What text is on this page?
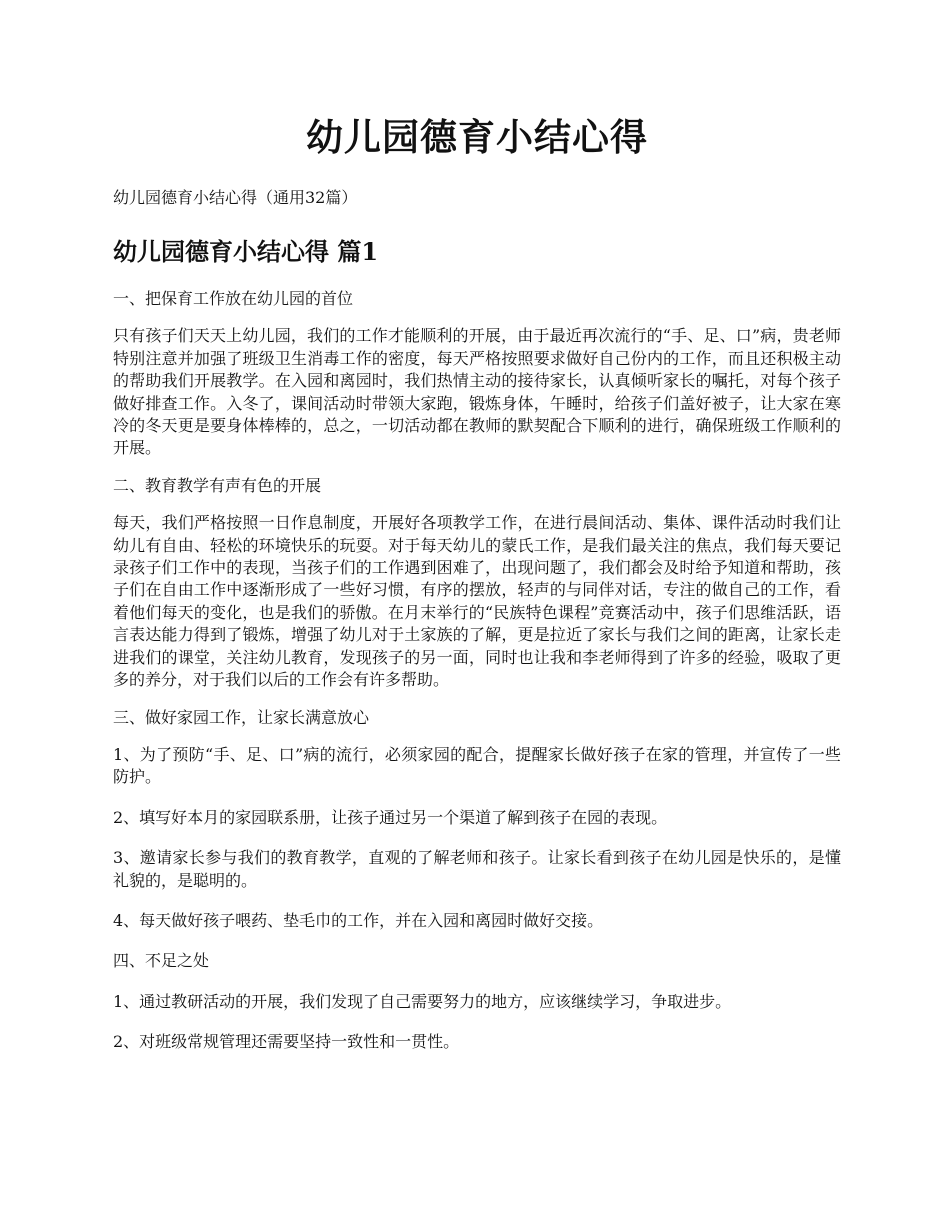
幼儿园德育小结心得

幼儿园德育小结心得（通用32篇）

幼儿园德育小结心得 篇1

一、把保育工作放在幼儿园的首位

只有孩子们天天上幼儿园，我们的工作才能顺利的开展，由于最近再次流行的“手、足、口”病，贵老师特别注意并加强了班级卫生消毒工作的密度，每天严格按照要求做好自己份内的工作，而且还积极主动的帮助我们开展教学。在入园和离园时，我们热情主动的接待家长，认真倾听家长的嘱托，对每个孩子做好排查工作。入冬了，课间活动时带领大家跑，锻炼身体，午睡时，给孩子们盖好被子，让大家在寒冷的冬天更是要身体棒棒的，总之，一切活动都在教师的默契配合下顺利的进行，确保班级工作顺利的开展。

二、教育教学有声有色的开展

每天，我们严格按照一日作息制度，开展好各项教学工作，在进行晨间活动、集体、课件活动时我们让幼儿有自由、轻松的环境快乐的玩耍。对于每天幼儿的蒙氏工作，是我们最关注的焦点，我们每天要记录孩子们工作中的表现，当孩子们的工作遇到困难了，出现问题了，我们都会及时给予知道和帮助，孩子们在自由工作中逐渐形成了一些好习惯，有序的摆放，轻声的与同伴对话，专注的做自己的工作，看着他们每天的变化，也是我们的骄傲。在月末举行的“民族特色课程”竞赛活动中，孩子们思维活跃，语言表达能力得到了锻炼，增强了幼儿对于土家族的了解，更是拉近了家长与我们之间的距离，让家长走进我们的课堂，关注幼儿教育，发现孩子的另一面，同时也让我和李老师得到了许多的经验，吸取了更多的养分，对于我们以后的工作会有许多帮助。

三、做好家园工作，让家长满意放心

1、为了预防“手、足、口”病的流行，必须家园的配合，提醒家长做好孩子在家的管理，并宣传了一些防护。

2、填写好本月的家园联系册，让孩子通过另一个渠道了解到孩子在园的表现。

3、邀请家长参与我们的教育教学，直观的了解老师和孩子。让家长看到孩子在幼儿园是快乐的，是懂礼貌的，是聪明的。

4、每天做好孩子喂药、垫毛巾的工作，并在入园和离园时做好交接。

四、不足之处

1、通过教研活动的开展，我们发现了自己需要努力的地方，应该继续学习，争取进步。

2、对班级常规管理还需要坚持一致性和一贯性。
